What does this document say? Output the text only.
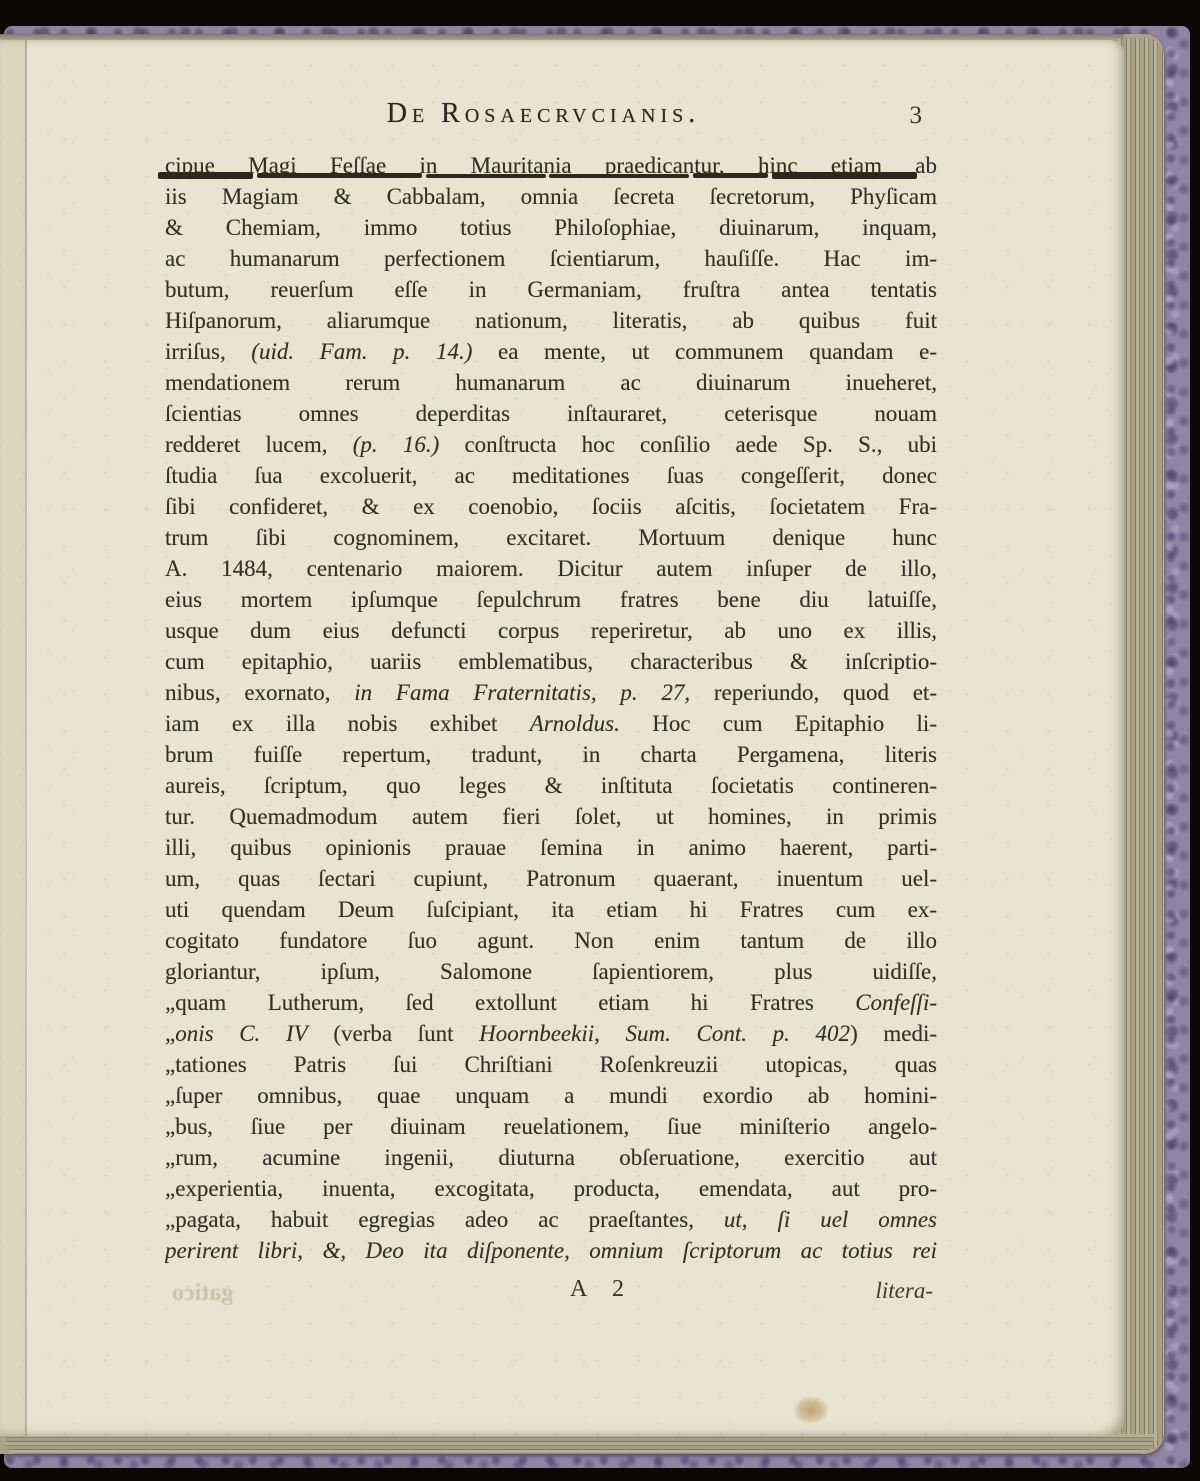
De Rosaecrvcianis.	3
cipue Magi Feſſae in Mauritania praedicantur, hinc etiam ab
iis Magiam & Cabbalam, omnia ſecreta ſecretorum, Phyſicam
& Chemiam, immo totius Philoſophiae, diuinarum, inquam,
ac humanarum perfectionem ſcientiarum, hauſiſſe. Hac im-
butum, reuerſum eſſe in Germaniam, fruſtra antea tentatis
Hiſpanorum, aliarumque nationum, literatis, ab quibus fuit
irriſus, (uid. Fam. p. 14.) ea mente, ut communem quandam e-
mendationem rerum humanarum ac diuinarum inueheret,
ſcientias omnes deperditas inſtauraret, ceterisque nouam
redderet lucem, (p. 16.) conſtructa hoc conſilio aede Sp. S., ubi
ſtudia ſua excoluerit, ac meditationes ſuas congeſſerit, donec
ſibi confideret, & ex coenobio, ſociis aſcitis, ſocietatem Fra-
trum ſibi cognominem, excitaret. Mortuum denique hunc
A. 1484, centenario maiorem. Dicitur autem inſuper de illo,
eius mortem ipſumque ſepulchrum fratres bene diu latuiſſe,
usque dum eius defuncti corpus reperiretur, ab uno ex illis,
cum epitaphio, uariis emblematibus, characteribus & inſcriptio-
nibus, exornato, in Fama Fraternitatis, p. 27, reperiundo, quod et-
iam ex illa nobis exhibet Arnoldus. Hoc cum Epitaphio li-
brum fuiſſe repertum, tradunt, in charta Pergamena, literis
aureis, ſcriptum, quo leges & inſtituta ſocietatis contineren-
tur. Quemadmodum autem fieri ſolet, ut homines, in primis
illi, quibus opinionis prauae ſemina in animo haerent, parti-
um, quas ſectari cupiunt, Patronum quaerant, inuentum uel-
uti quendam Deum ſuſcipiant, ita etiam hi Fratres cum ex-
cogitato fundatore ſuo agunt. Non enim tantum de illo
gloriantur, ipſum, Salomone ſapientiorem, plus uidiſſe,
„quam Lutherum, ſed extollunt etiam hi Fratres Confeſſi-
„onis C. IV (verba ſunt Hoornbeekii, Sum. Cont. p. 402) medi-
„tationes Patris ſui Chriſtiani Roſenkreuzii utopicas, quas
„ſuper omnibus, quae unquam a mundi exordio ab homini-
„bus, ſiue per diuinam reuelationem, ſiue miniſterio angelo-
„rum, acumine ingenii, diuturna obſeruatione, exercitio aut
„experientia, inuenta, excogitata, producta, emendata, aut pro-
„pagata, habuit egregias adeo ac praeſtantes, ut, ſi uel omnes
perirent libri, &, Deo ita diſponente, omnium ſcriptorum ac totius rei
gatico	A 2	litera-
